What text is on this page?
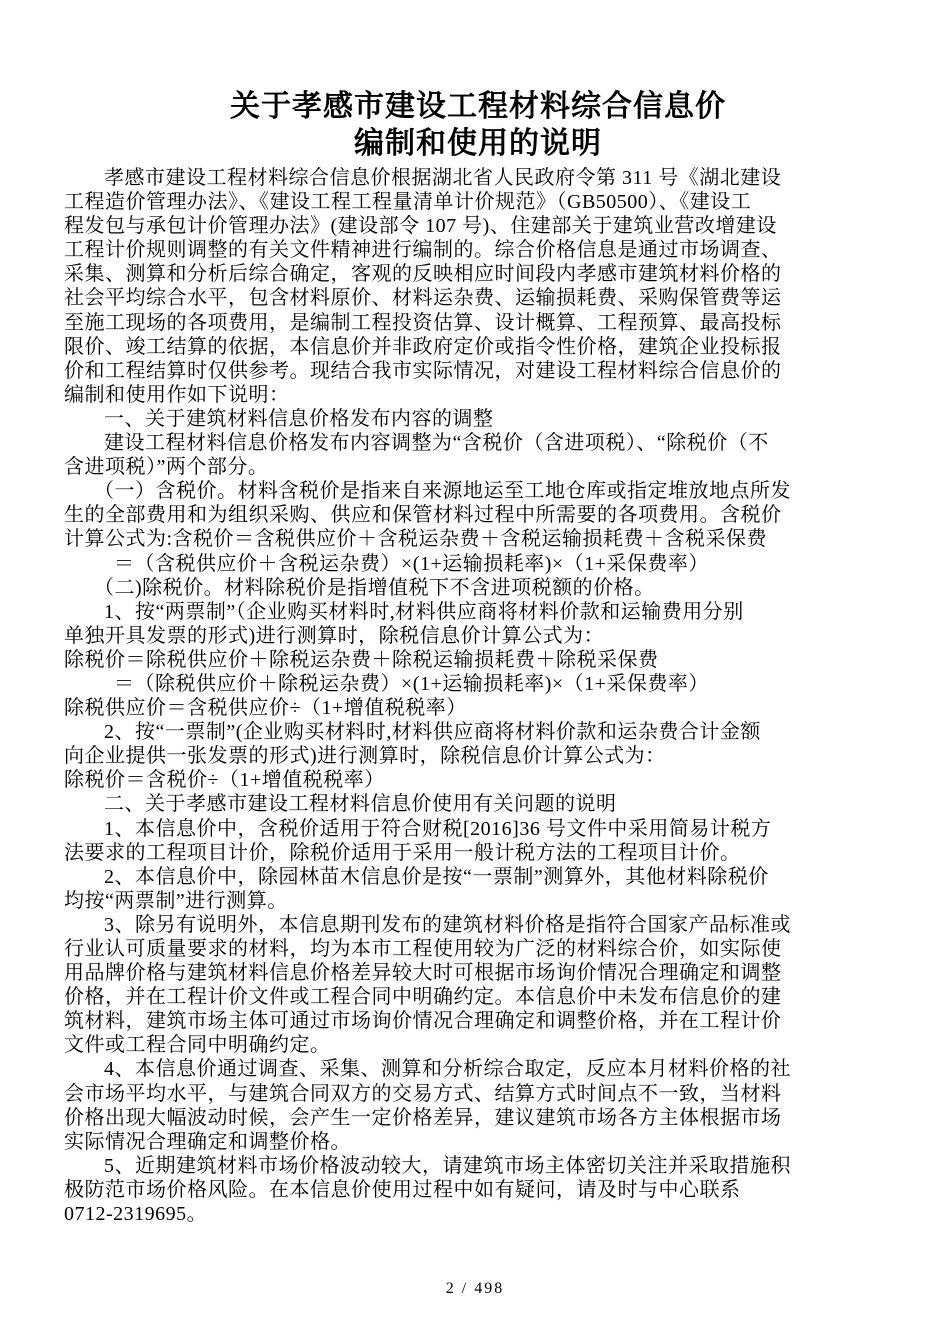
关于孝感市建设工程材料综合信息价
编制和使用的说明
孝感市建设工程材料综合信息价根据湖北省人民政府令第 311 号《湖北建设
工程造价管理办法》、《建设工程工程量清单计价规范》（GB50500）、《建设工
程发包与承包计价管理办法》(建设部令 107 号)、住建部关于建筑业营改增建设
工程计价规则调整的有关文件精神进行编制的。综合价格信息是通过市场调查、
采集、测算和分析后综合确定，客观的反映相应时间段内孝感市建筑材料价格的
社会平均综合水平，包含材料原价、材料运杂费、运输损耗费、采购保管费等运
至施工现场的各项费用，是编制工程投资估算、设计概算、工程预算、最高投标
限价、竣工结算的依据，本信息价并非政府定价或指令性价格，建筑企业投标报
价和工程结算时仅供参考。现结合我市实际情况，对建设工程材料综合信息价的
编制和使用作如下说明：
一、关于建筑材料信息价格发布内容的调整
建设工程材料信息价格发布内容调整为“含税价（含进项税）、“除税价（不
含进项税）”两个部分。
（一）含税价。材料含税价是指来自来源地运至工地仓库或指定堆放地点所发
生的全部费用和为组织采购、供应和保管材料过程中所需要的各项费用。含税价
计算公式为:含税价＝含税供应价＋含税运杂费＋含税运输损耗费＋含税采保费
＝（含税供应价＋含税运杂费）×(1+运输损耗率)×（1+采保费率）
（二)除税价。材料除税价是指增值税下不含进项税额的价格。
1、按“两票制”（企业购买材料时,材料供应商将材料价款和运输费用分别
单独开具发票的形式)进行测算时，除税信息价计算公式为：
除税价＝除税供应价＋除税运杂费＋除税运输损耗费＋除税采保费
＝（除税供应价＋除税运杂费）×(1+运输损耗率)×（1+采保费率）
除税供应价＝含税供应价÷（1+增值税税率）
2、按“一票制”(企业购买材料时,材料供应商将材料价款和运杂费合计金额
向企业提供一张发票的形式)进行测算时，除税信息价计算公式为：
除税价＝含税价÷（1+增值税税率）
二、关于孝感市建设工程材料信息价使用有关问题的说明
1、本信息价中，含税价适用于符合财税[2016]36 号文件中采用简易计税方
法要求的工程项目计价，除税价适用于采用一般计税方法的工程项目计价。
2、本信息价中，除园林苗木信息价是按“一票制”测算外，其他材料除税价
均按“两票制”进行测算。
3、除另有说明外，本信息期刊发布的建筑材料价格是指符合国家产品标准或
行业认可质量要求的材料，均为本市工程使用较为广泛的材料综合价，如实际使
用品牌价格与建筑材料信息价格差异较大时可根据市场询价情况合理确定和调整
价格，并在工程计价文件或工程合同中明确约定。本信息价中未发布信息价的建
筑材料，建筑市场主体可通过市场询价情况合理确定和调整价格，并在工程计价
文件或工程合同中明确约定。
4、本信息价通过调查、采集、测算和分析综合取定，反应本月材料价格的社
会市场平均水平，与建筑合同双方的交易方式、结算方式时间点不一致，当材料
价格出现大幅波动时候，会产生一定价格差异，建议建筑市场各方主体根据市场
实际情况合理确定和调整价格。
5、近期建筑材料市场价格波动较大，请建筑市场主体密切关注并采取措施积
极防范市场价格风险。在本信息价使用过程中如有疑问，请及时与中心联系
0712-2319695。
2 / 498
